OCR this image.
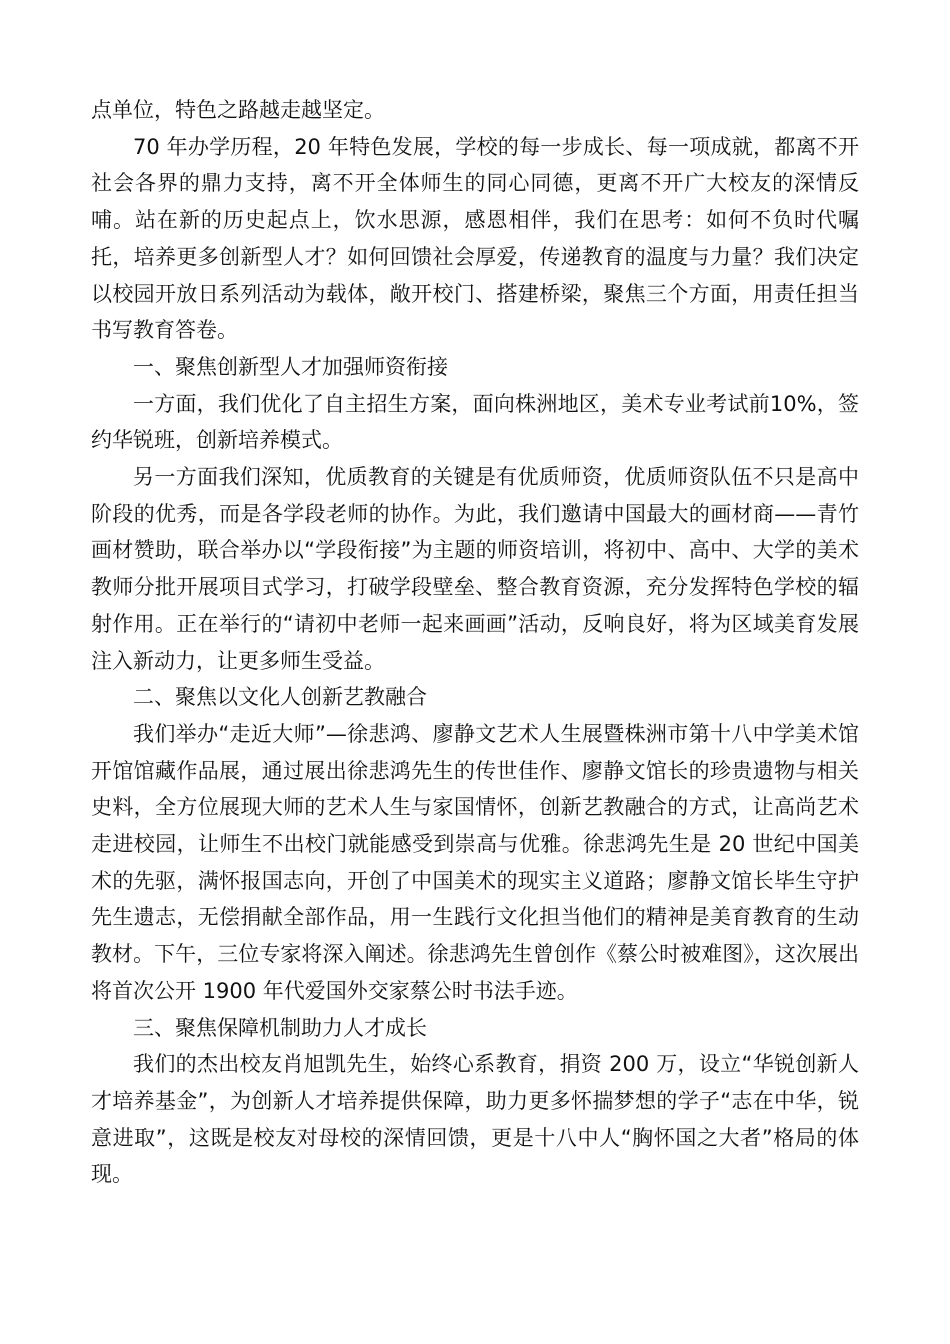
点单位，特色之路越走越坚定。

70 年办学历程，20 年特色发展，学校的每一步成长、每一项成就，都离不开社会各界的鼎力支持，离不开全体师生的同心同德，更离不开广大校友的深情反哺。站在新的历史起点上，饮水思源，感恩相伴，我们在思考：如何不负时代嘱托，培养更多创新型人才？如何回馈社会厚爱，传递教育的温度与力量？我们决定以校园开放日系列活动为载体，敞开校门、搭建桥梁，聚焦三个方面，用责任担当书写教育答卷。

一、聚焦创新型人才加强师资衔接

一方面，我们优化了自主招生方案，面向株洲地区，美术专业考试前10%，签约华锐班，创新培养模式。

另一方面我们深知，优质教育的关键是有优质师资，优质师资队伍不只是高中阶段的优秀，而是各学段老师的协作。为此，我们邀请中国最大的画材商——青竹画材赞助，联合举办以“学段衔接”为主题的师资培训，将初中、高中、大学的美术教师分批开展项目式学习，打破学段壁垒、整合教育资源，充分发挥特色学校的辐射作用。正在举行的“请初中老师一起来画画”活动，反响良好，将为区域美育发展注入新动力，让更多师生受益。

二、聚焦以文化人创新艺教融合

我们举办“走近大师”—徐悲鸿、廖静文艺术人生展暨株洲市第十八中学美术馆开馆馆藏作品展，通过展出徐悲鸿先生的传世佳作、廖静文馆长的珍贵遗物与相关史料，全方位展现大师的艺术人生与家国情怀，创新艺教融合的方式，让高尚艺术走进校园，让师生不出校门就能感受到崇高与优雅。徐悲鸿先生是 20 世纪中国美术的先驱，满怀报国志向，开创了中国美术的现实主义道路；廖静文馆长毕生守护先生遗志，无偿捐献全部作品，用一生践行文化担当他们的精神是美育教育的生动教材。下午，三位专家将深入阐述。徐悲鸿先生曾创作《蔡公时被难图》，这次展出将首次公开 1900 年代爱国外交家蔡公时书法手迹。

三、聚焦保障机制助力人才成长

我们的杰出校友肖旭凯先生，始终心系教育，捐资 200 万，设立“华锐创新人才培养基金”，为创新人才培养提供保障，助力更多怀揣梦想的学子“志在中华，锐意进取”，这既是校友对母校的深情回馈，更是十八中人“胸怀国之大者”格局的体现。
